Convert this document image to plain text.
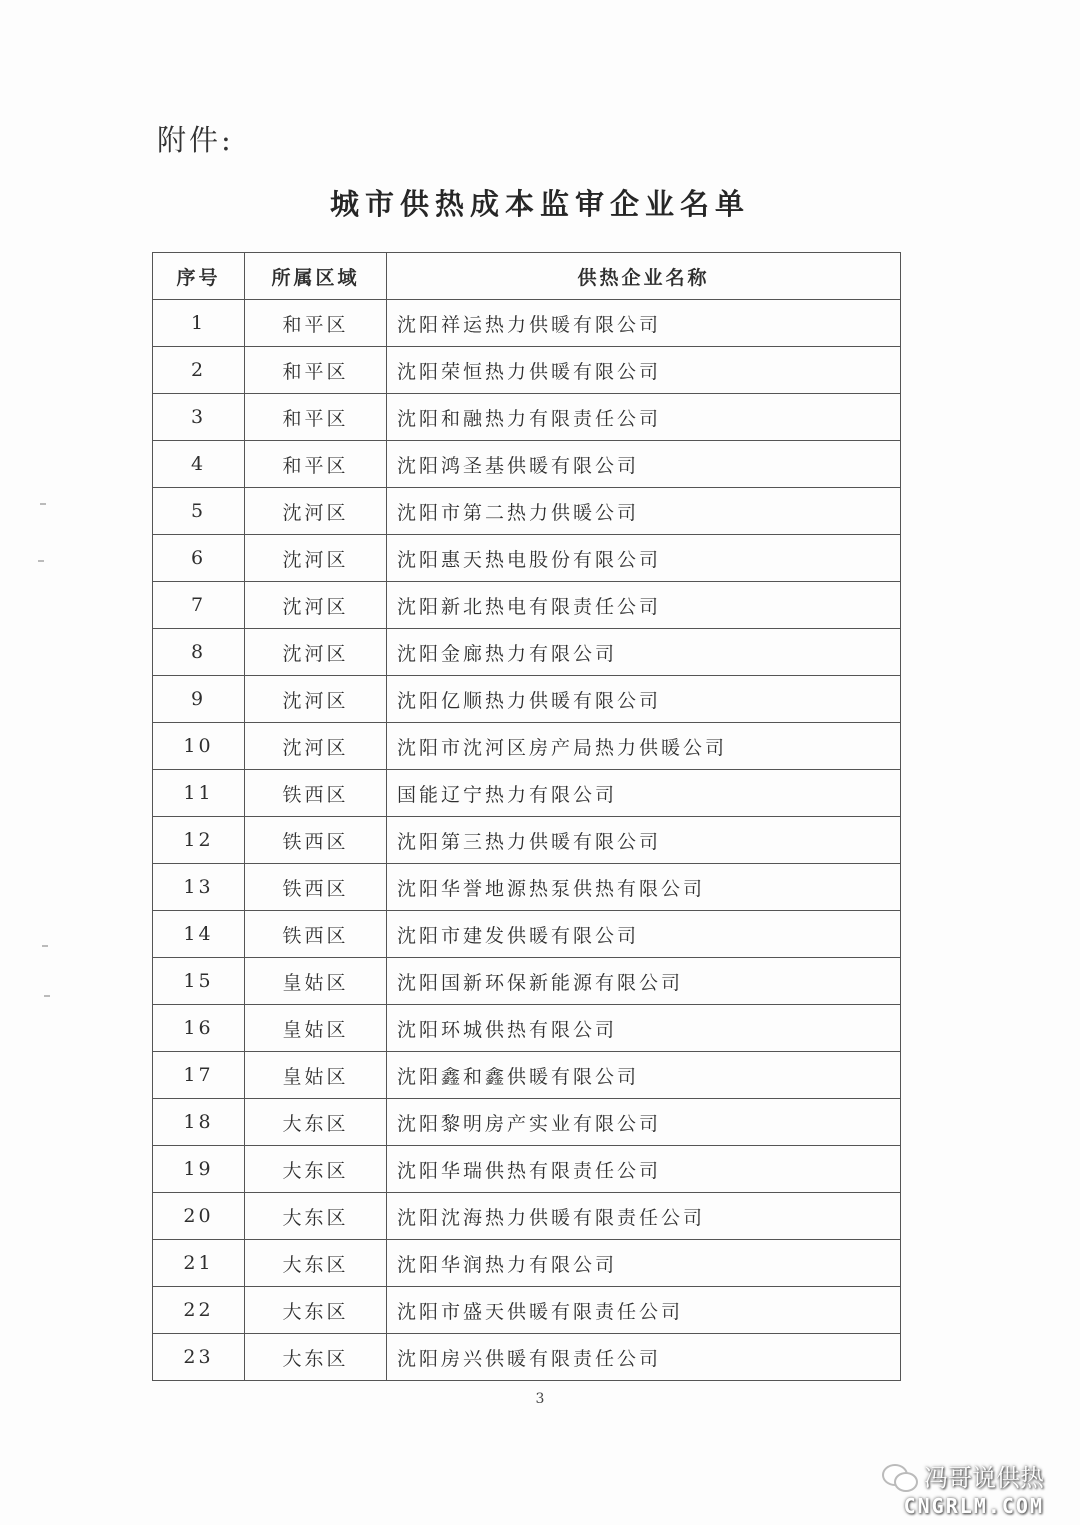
附件:
城市供热成本监审企业名单
序号	所属区域	供热企业名称
1	和平区	沈阳祥运热力供暖有限公司
2	和平区	沈阳荣恒热力供暖有限公司
3	和平区	沈阳和融热力有限责任公司
4	和平区	沈阳鸿圣基供暖有限公司
5	沈河区	沈阳市第二热力供暖公司
6	沈河区	沈阳惠天热电股份有限公司
7	沈河区	沈阳新北热电有限责任公司
8	沈河区	沈阳金廊热力有限公司
9	沈河区	沈阳亿顺热力供暖有限公司
10	沈河区	沈阳市沈河区房产局热力供暖公司
11	铁西区	国能辽宁热力有限公司
12	铁西区	沈阳第三热力供暖有限公司
13	铁西区	沈阳华誉地源热泵供热有限公司
14	铁西区	沈阳市建发供暖有限公司
15	皇姑区	沈阳国新环保新能源有限公司
16	皇姑区	沈阳环城供热有限公司
17	皇姑区	沈阳鑫和鑫供暖有限公司
18	大东区	沈阳黎明房产实业有限公司
19	大东区	沈阳华瑞供热有限责任公司
20	大东区	沈阳沈海热力供暖有限责任公司
21	大东区	沈阳华润热力有限公司
22	大东区	沈阳市盛天供暖有限责任公司
23	大东区	沈阳房兴供暖有限责任公司
3
冯哥说供热
CNGRLM.COM
